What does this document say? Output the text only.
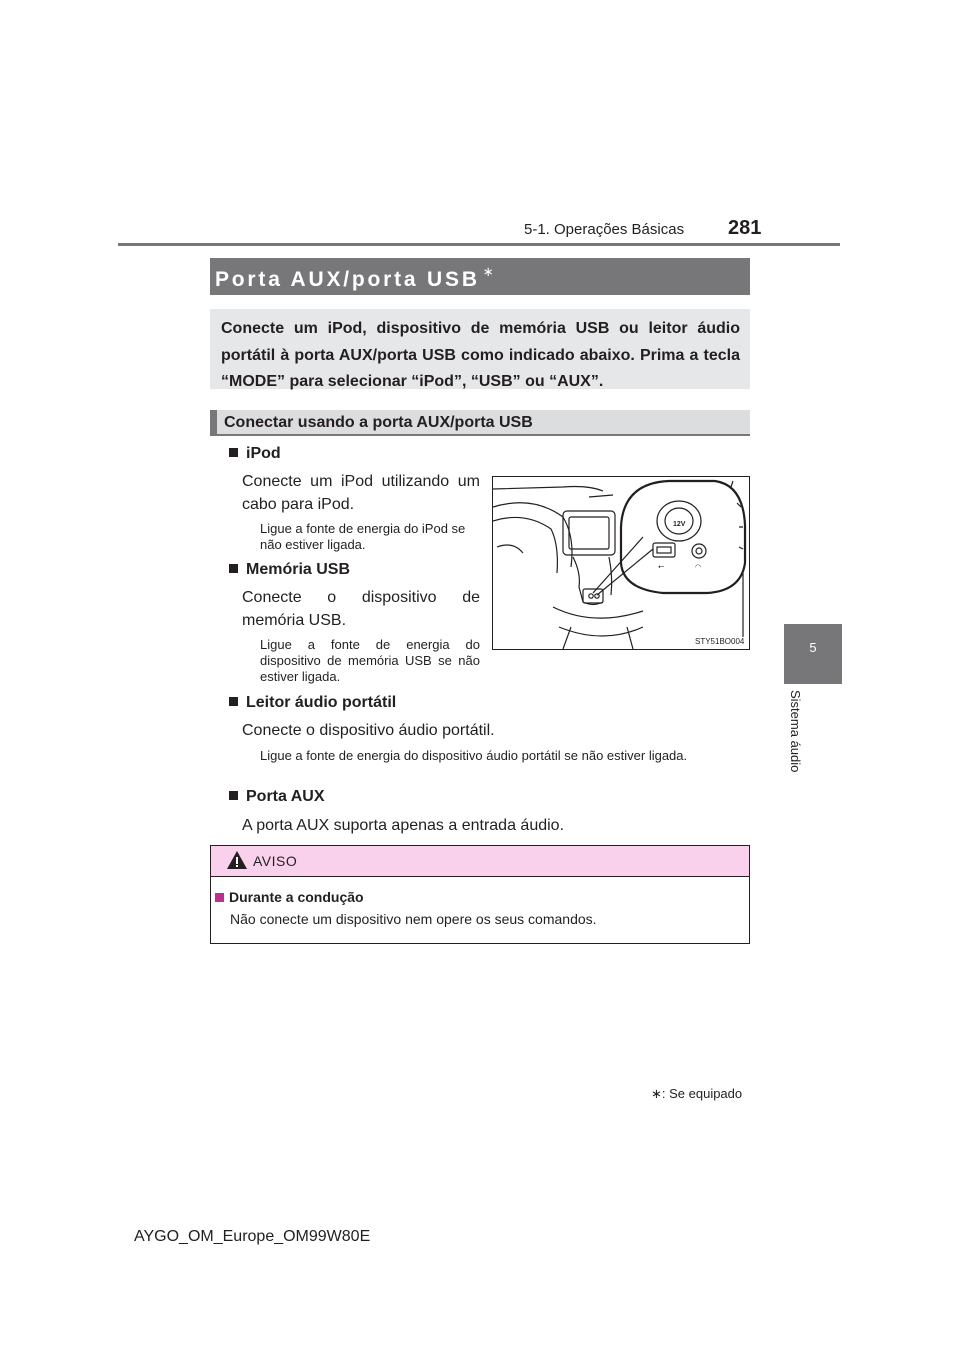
281
5-1. Operações Básicas
5
Sistema áudio
Porta AUX/porta USB ∗
Conecte um iPod, dispositivo de memória USB ou leitor áudio portátil à porta AUX/porta USB como indicado abaixo. Prima a tecla “MODE” para selecionar “iPod”, “USB” ou “AUX”.
Conectar usando a porta AUX/porta USB
iPod
Conecte um iPod utilizando um cabo para iPod.
Ligue a fonte de energia do iPod se não estiver ligada.
Memória USB
Conecte o dispositivo de memória USB.
Ligue a fonte de energia do dispositivo de memória USB se não estiver ligada.
12V
⭠	◠
STY51BO004
Leitor áudio portátil
Conecte o dispositivo áudio portátil.
Ligue a fonte de energia do dispositivo áudio portátil se não estiver ligada.
Porta AUX
A porta AUX suporta apenas a entrada áudio.
AVISO
Durante a condução
Não conecte um dispositivo nem opere os seus comandos.
∗: Se equipado
AYGO_OM_Europe_OM99W80E
